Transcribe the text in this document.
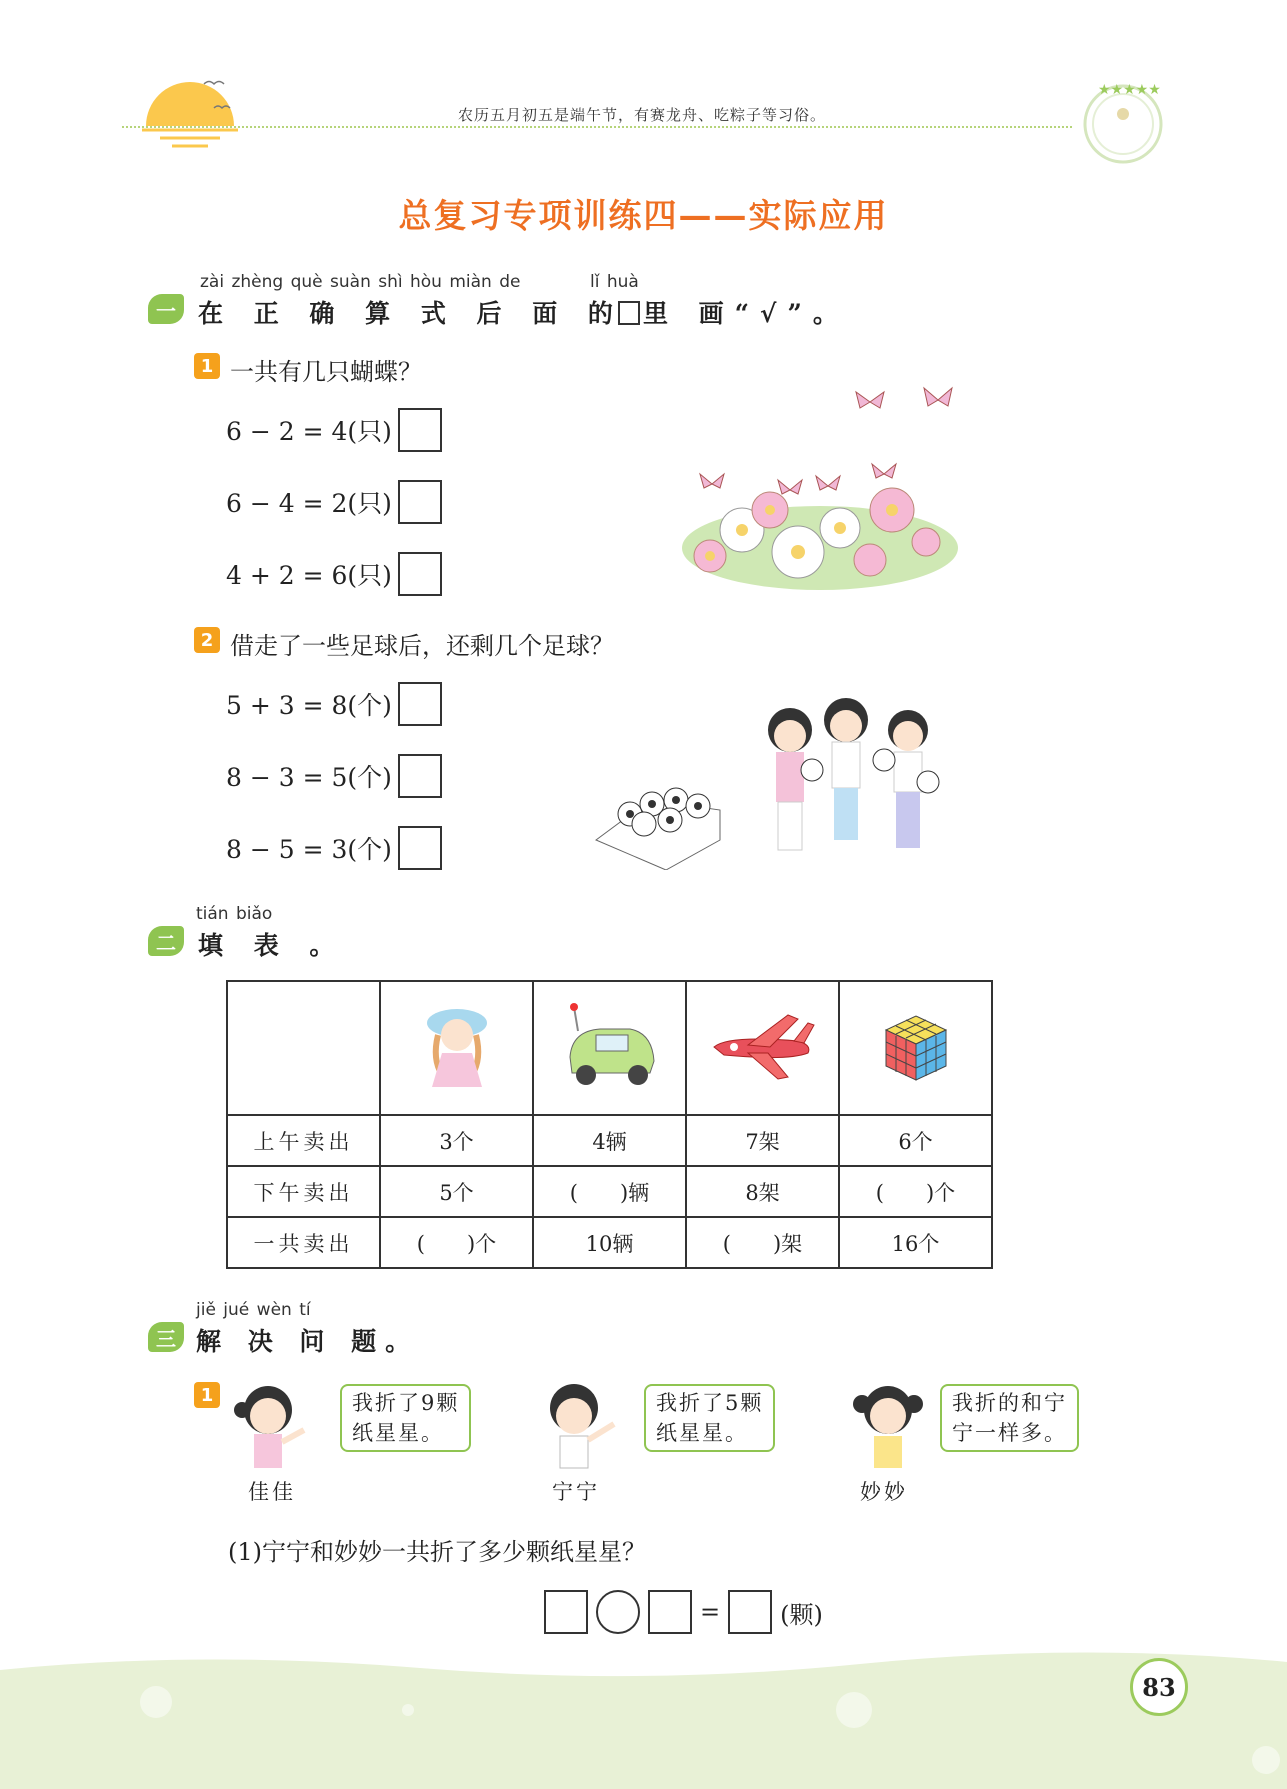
农历五月初五是端午节，有赛龙舟、吃粽子等习俗。
★★★★★
总复习专项训练四——实际应用
zài zhèng què suàn shì hòu miàn de	lǐ huà
一 在 正 确 算 式 后 面 的 里 画“√”。
1 一共有几只蝴蝶？
6 − 2 = 4(只)
6 − 4 = 2(只)
4 + 2 = 6(只)
2 借走了一些足球后，还剩几个足球？
5 + 3 = 8(个)
8 − 3 = 5(个)
8 − 5 = 3(个)
tián biǎo
二 填 表 。

上午卖出	3个	4辆	7架	6个
下午卖出	5个	(　　)辆	8架	(　　)个
一共卖出	(　　)个	10辆	(　　)架	16个
jiě jué wèn tí
三 解 决 问 题。
1	我折了9颗
纸星星。
佳佳
我折了5颗
纸星星。
宁宁
我折的和宁
宁一样多。
妙妙
(1)宁宁和妙妙一共折了多少颗纸星星？
=	(颗)
83
